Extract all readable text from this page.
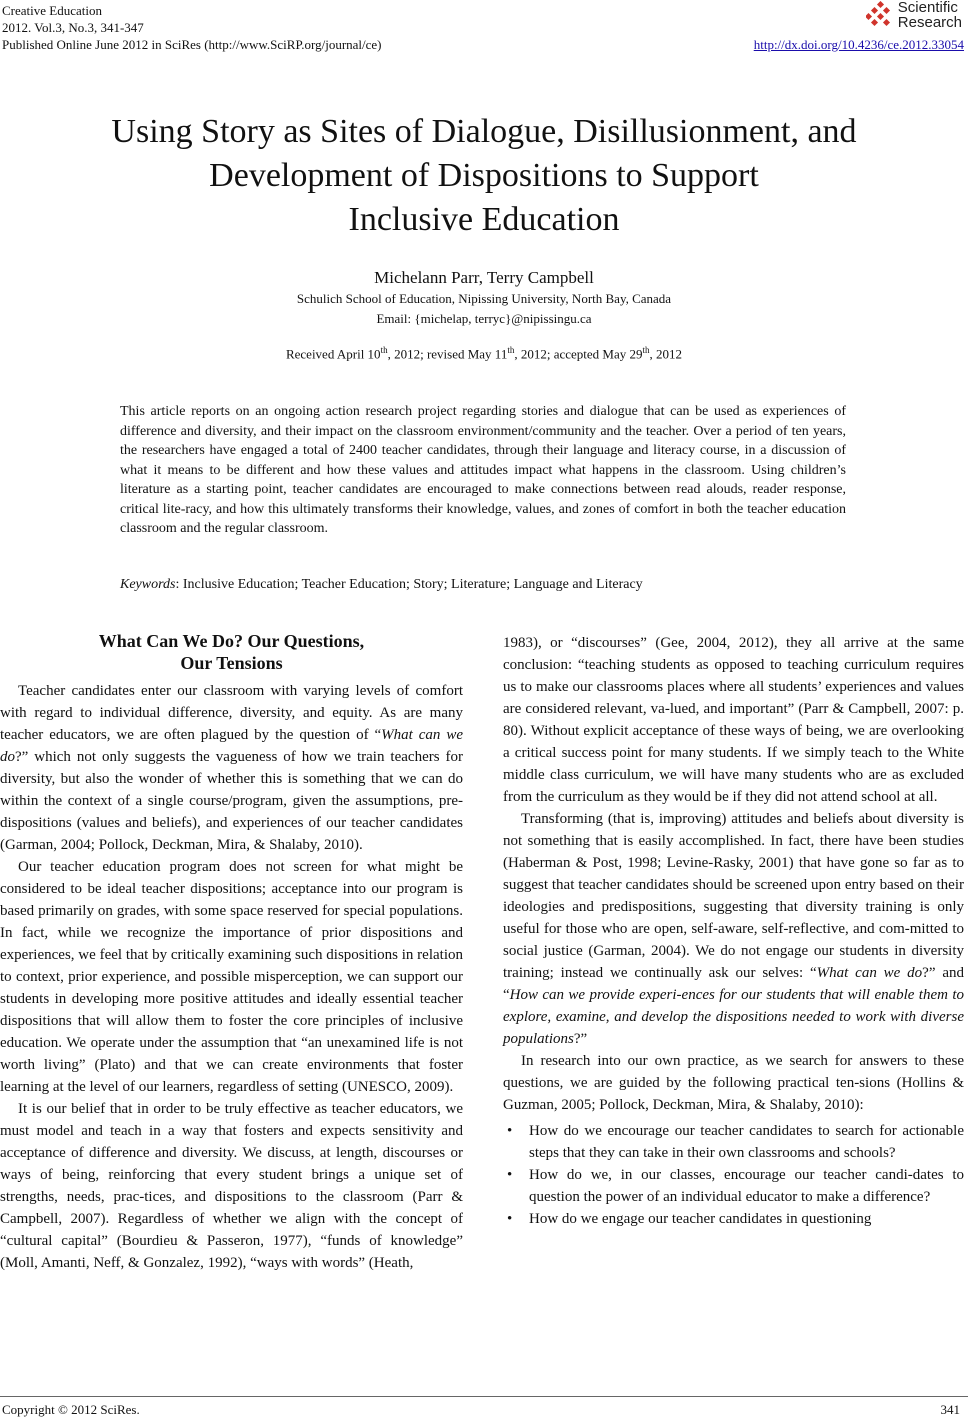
Creative Education
2012. Vol.3, No.3, 341-347
Published Online June 2012 in SciRes (http://www.SciRP.org/journal/ce)
Scientific
Research
http://dx.doi.org/10.4236/ce.2012.33054
Using Story as Sites of Dialogue, Disillusionment, and
Development of Dispositions to Support
Inclusive Education
Michelann Parr, Terry Campbell
Schulich School of Education, Nipissing University, North Bay, Canada
Email: {michelap, terryc}@nipissingu.ca
Received April 10th, 2012; revised May 11th, 2012; accepted May 29th, 2012
This article reports on an ongoing action research project regarding stories and dialogue that can be used as experiences of difference and diversity, and their impact on the classroom environment/community and the teacher. Over a period of ten years, the researchers have engaged a total of 2400 teacher candidates, through their language and literacy course, in a discussion of what it means to be different and how these values and attitudes impact what happens in the classroom. Using children’s literature as a starting point, teacher candidates are encouraged to make connections between read alouds, reader response, critical lite-racy, and how this ultimately transforms their knowledge, values, and zones of comfort in both the teacher education classroom and the regular classroom.
Keywords: Inclusive Education; Teacher Education; Story; Literature; Language and Literacy
What Can We Do? Our Questions,
Our Tensions

Teacher candidates enter our classroom with varying levels of comfort with regard to individual difference, diversity, and equity. As are many teacher educators, we are often plagued by the question of “What can we do?” which not only suggests the vagueness of how we train teachers for diversity, but also the wonder of whether this is something that we can do within the context of a single course/program, given the assumptions, pre-dispositions (values and beliefs), and experiences of our teacher candidates (Garman, 2004; Pollock, Deckman, Mira, & Shalaby, 2010).

Our teacher education program does not screen for what might be considered to be ideal teacher dispositions; acceptance into our program is based primarily on grades, with some space reserved for special populations. In fact, while we recognize the importance of prior dispositions and experiences, we feel that by critically examining such dispositions in relation to context, prior experience, and possible misperception, we can support our students in developing more positive attitudes and ideally essential teacher dispositions that will allow them to foster the core principles of inclusive education. We operate under the assumption that “an unexamined life is not worth living” (Plato) and that we can create environments that foster learning at the level of our learners, regardless of setting (UNESCO, 2009).

It is our belief that in order to be truly effective as teacher educators, we must model and teach in a way that fosters and expects sensitivity and acceptance of difference and diversity. We discuss, at length, discourses or ways of being, reinforcing that every student brings a unique set of strengths, needs, prac-tices, and dispositions to the classroom (Parr & Campbell, 2007). Regardless of whether we align with the concept of “cultural capital” (Bourdieu & Passeron, 1977), “funds of knowledge” (Moll, Amanti, Neff, & Gonzalez, 1992), “ways with words” (Heath,

1983), or “discourses” (Gee, 2004, 2012), they all arrive at the same conclusion: “teaching students as opposed to teaching curriculum requires us to make our classrooms places where all students’ experiences and values are considered relevant, va-lued, and important” (Parr & Campbell, 2007: p. 80). Without explicit acceptance of these ways of being, we are overlooking a critical success point for many students. If we simply teach to the White middle class curriculum, we will have many students who are as excluded from the curriculum as they would be if they did not attend school at all.

Transforming (that is, improving) attitudes and beliefs about diversity is not something that is easily accomplished. In fact, there have been studies (Haberman & Post, 1998; Levine-Rasky, 2001) that have gone so far as to suggest that teacher candidates should be screened upon entry based on their ideologies and predispositions, suggesting that diversity training is only useful for those who are open, self-aware, self-reflective, and com-mitted to social justice (Garman, 2004). We do not engage our students in diversity training; instead we continually ask our selves: “What can we do?” and “How can we provide experi-ences for our students that will enable them to explore, examine, and develop the dispositions needed to work with diverse populations?”

In research into our own practice, as we search for answers to these questions, we are guided by the following practical ten-sions (Hollins & Guzman, 2005; Pollock, Deckman, Mira, & Shalaby, 2010):

• How do we encourage our teacher candidates to search for actionable steps that they can take in their own classrooms and schools?
• How do we, in our classes, encourage our teacher candi-dates to question the power of an individual educator to make a difference?
• How do we engage our teacher candidates in questioning
Copyright © 2012 SciRes.	341
